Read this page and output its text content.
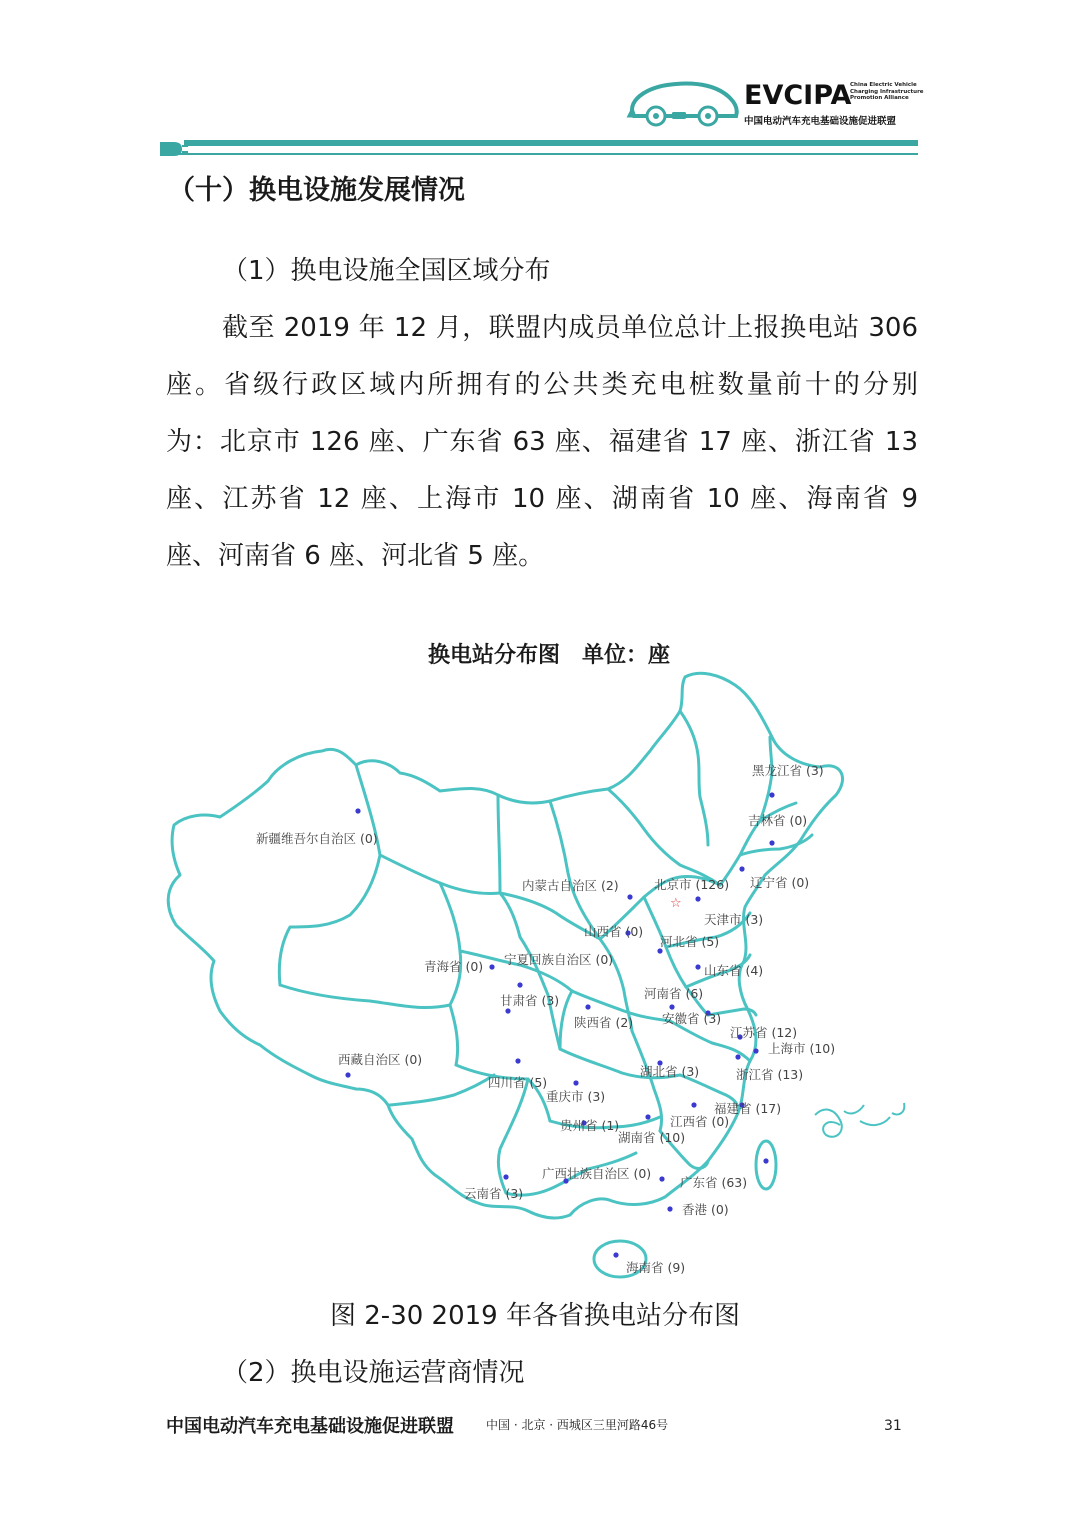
EVCIPA
China Electric Vehicle
Charging Infrastructure
Promotion Alliance
中国电动汽车充电基础设施促进联盟
（十）换电设施发展情况
（1）换电设施全国区域分布
截至 2019 年 12 月，联盟内成员单位总计上报换电站 306
座。省级行政区域内所拥有的公共类充电桩数量前十的分别
为：北京市 126 座、广东省 63 座、福建省 17 座、浙江省 13
座、江苏省 12 座、上海市 10 座、湖南省 10 座、海南省 9
座、河南省 6 座、河北省 5 座。
换电站分布图　单位：座
☆
黑龙江省 (3)
吉林省 (0)
辽宁省 (0)
北京市 (126)
天津市 (3)
内蒙古自治区 (2)
新疆维吾尔自治区 (0)
山西省 (0)
河北省 (5)
山东省 (4)
青海省 (0) 宁夏回族自治区 (0)
甘肃省 (3)	河南省 (6)
陕西省 (2) 安徽省 (3)
江苏省 (12)
上海市 (10)
西藏自治区 (0)
湖北省 (3)	浙江省 (13)
四川省 (5)
重庆市 (3)
福建省 (17)
贵州省 (1)	江西省 (0)
湖南省 (10)
广西壮族自治区 (0)
广东省 (63)
云南省 (3)
香港 (0)
海南省 (9)
图 2-30 2019 年各省换电站分布图
（2）换电设施运营商情况
中国电动汽车充电基础设施促进联盟	中国 · 北京 · 西城区三里河路46号	31
